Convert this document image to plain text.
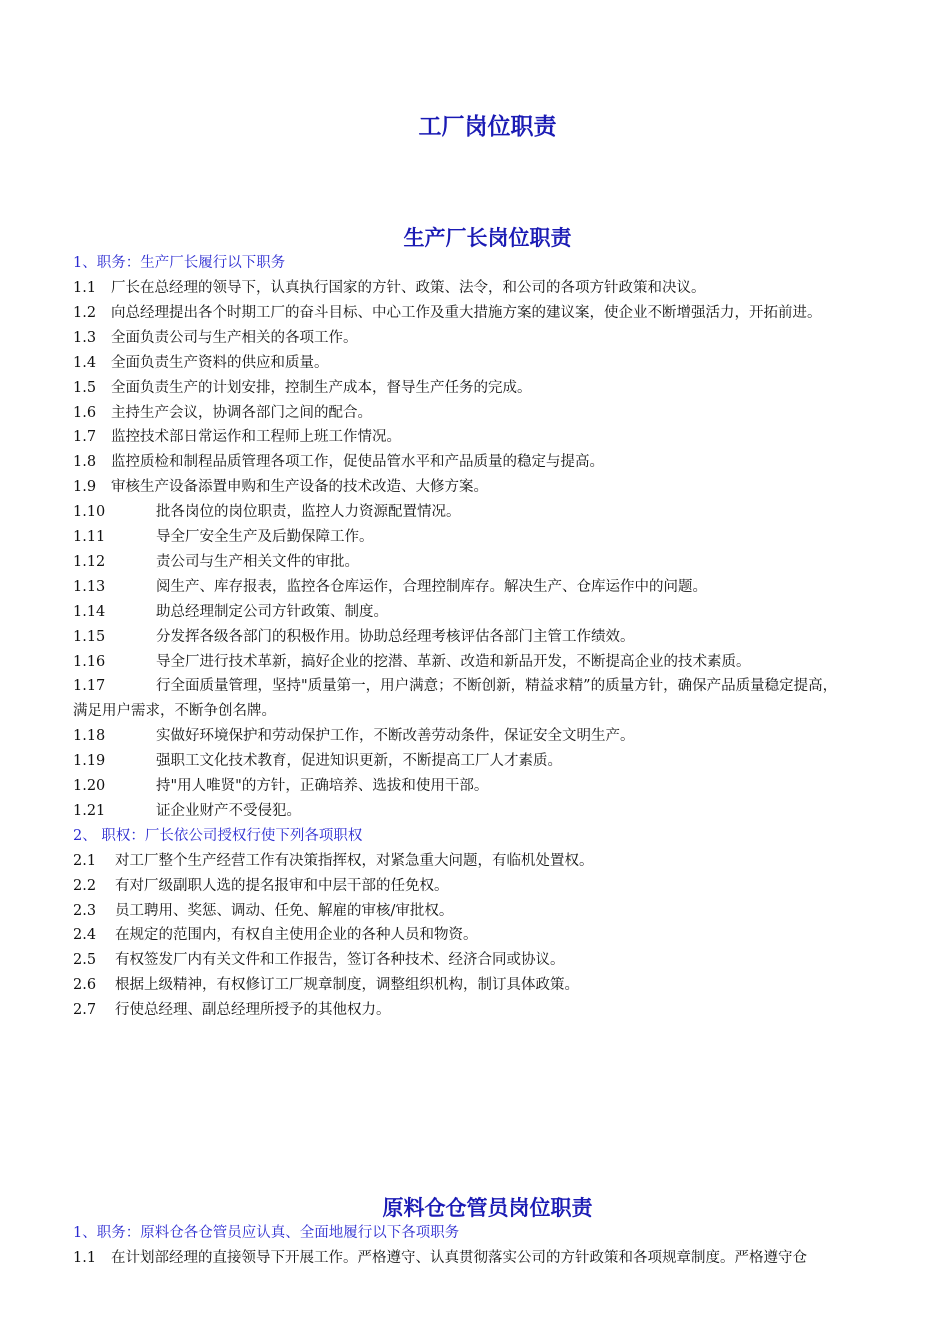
工厂岗位职责
生产厂长岗位职责
1、职务：生产厂长履行以下职务
1.1 厂长在总经理的领导下，认真执行国家的方针、政策、法令，和公司的各项方针政策和决议。
1.2 向总经理提出各个时期工厂的奋斗目标、中心工作及重大措施方案的建议案，使企业不断增强活力，开拓前进。
1.3 全面负责公司与生产相关的各项工作。
1.4 全面负责生产资料的供应和质量。
1.5 全面负责生产的计划安排，控制生产成本，督导生产任务的完成。
1.6 主持生产会议，协调各部门之间的配合。
1.7 监控技术部日常运作和工程师上班工作情况。
1.8 监控质检和制程品质管理各项工作，促使品管水平和产品质量的稳定与提高。
1.9 审核生产设备添置申购和生产设备的技术改造、大修方案。
1.10	批各岗位的岗位职责，监控人力资源配置情况。
1.11	导全厂安全生产及后勤保障工作。
1.12	责公司与生产相关文件的审批。
1.13	阅生产、库存报表，监控各仓库运作，合理控制库存。解决生产、仓库运作中的问题。
1.14	助总经理制定公司方针政策、制度。
1.15	分发挥各级各部门的积极作用。协助总经理考核评估各部门主管工作绩效。
1.16	导全厂进行技术革新，搞好企业的挖潜、革新、改造和新品开发，不断提高企业的技术素质。
1.17	行全面质量管理，坚持"质量第一，用户满意；不断创新，精益求精”的质量方针，确保产品质量稳定提高，
满足用户需求，不断争创名牌。
1.18	实做好环境保护和劳动保护工作，不断改善劳动条件，保证安全文明生产。
1.19	强职工文化技术教育，促进知识更新，不断提高工厂人才素质。
1.20	持"用人唯贤"的方针，正确培养、选拔和使用干部。
1.21	证企业财产不受侵犯。
2、 职权：厂长依公司授权行使下列各项职权
2.1 对工厂整个生产经营工作有决策指挥权，对紧急重大问题，有临机处置权。
2.2 有对厂级副职人选的提名报审和中层干部的任免权。
2.3 员工聘用、奖惩、调动、任免、解雇的审核/审批权。
2.4 在规定的范围内，有权自主使用企业的各种人员和物资。
2.5 有权签发厂内有关文件和工作报告，签订各种技术、经济合同或协议。
2.6 根据上级精神，有权修订工厂规章制度，调整组织机构，制订具体政策。
2.7 行使总经理、副总经理所授予的其他权力。
原料仓仓管员岗位职责
1、职务：原料仓各仓管员应认真、全面地履行以下各项职务
1.1 在计划部经理的直接领导下开展工作。严格遵守、认真贯彻落实公司的方针政策和各项规章制度。严格遵守仓
